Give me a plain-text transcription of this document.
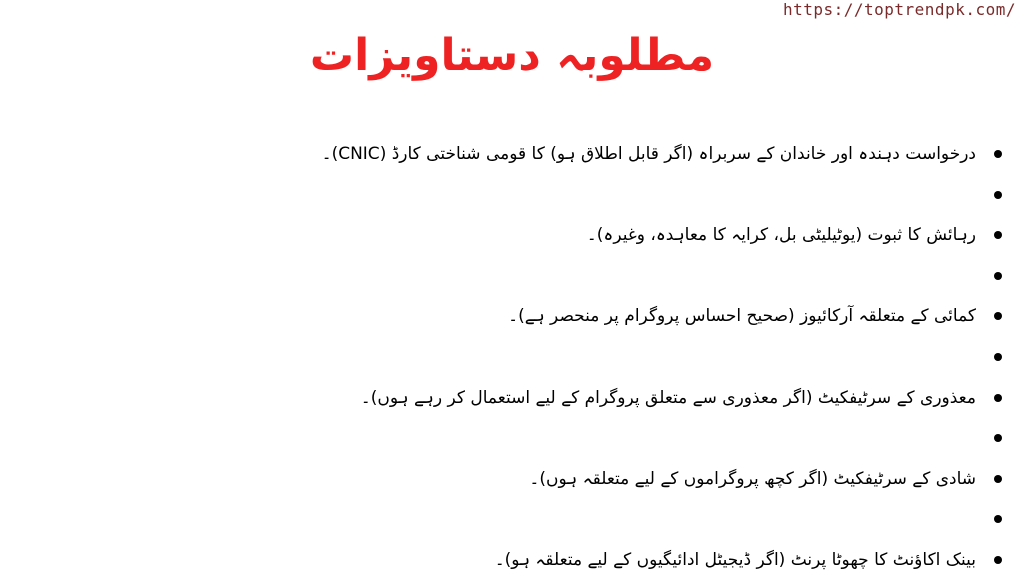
https://toptrendpk.com/
مطلوبہ دستاویزات
درخواست دہندہ اور خاندان کے سربراہ (اگر قابل اطلاق ہو) کا قومی شناختی کارڈ (CNIC)۔
رہائش کا ثبوت (یوٹیلیٹی بل، کرایہ کا معاہدہ، وغیرہ)۔
کمائی کے متعلقہ آرکائیوز (صحیح احساس پروگرام پر منحصر ہے)۔
معذوری کے سرٹیفکیٹ (اگر معذوری سے متعلق پروگرام کے لیے استعمال کر رہے ہوں)۔
شادی کے سرٹیفکیٹ (اگر کچھ پروگراموں کے لیے متعلقہ ہوں)۔
بینک اکاؤنٹ کا چھوٹا پرنٹ (اگر ڈیجیٹل ادائیگیوں کے لیے متعلقہ ہو)۔
